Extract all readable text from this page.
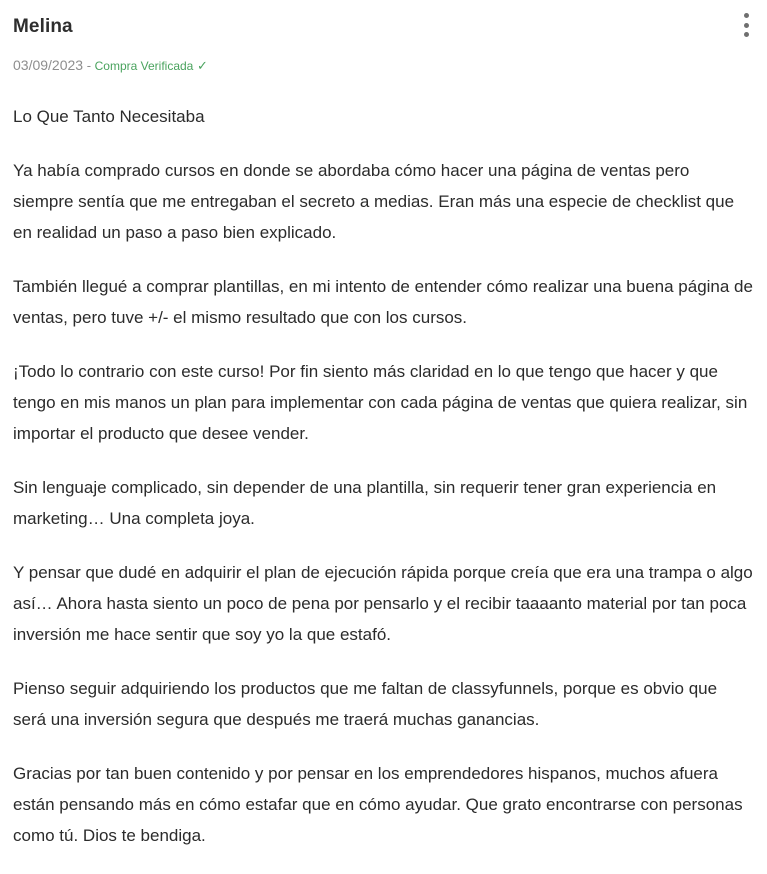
Melina
03/09/2023 - Compra Verificada ✓
Lo Que Tanto Necesitaba

Ya había comprado cursos en donde se abordaba cómo hacer una página de ventas pero siempre sentía que me entregaban el secreto a medias. Eran más una especie de checklist que en realidad un paso a paso bien explicado.

También llegué a comprar plantillas, en mi intento de entender cómo realizar una buena página de ventas, pero tuve +/- el mismo resultado que con los cursos.

¡Todo lo contrario con este curso! Por fin siento más claridad en lo que tengo que hacer y que tengo en mis manos un plan para implementar con cada página de ventas que quiera realizar, sin importar el producto que desee vender.

Sin lenguaje complicado, sin depender de una plantilla, sin requerir tener gran experiencia en marketing… Una completa joya.

Y pensar que dudé en adquirir el plan de ejecución rápida porque creía que era una trampa o algo así… Ahora hasta siento un poco de pena por pensarlo y el recibir taaaanto material por tan poca inversión me hace sentir que soy yo la que estafó.

Pienso seguir adquiriendo los productos que me faltan de classyfunnels, porque es obvio que será una inversión segura que después me traerá muchas ganancias.

Gracias por tan buen contenido y por pensar en los emprendedores hispanos, muchos afuera están pensando más en cómo estafar que en cómo ayudar. Que grato encontrarse con personas como tú. Dios te bendiga.
